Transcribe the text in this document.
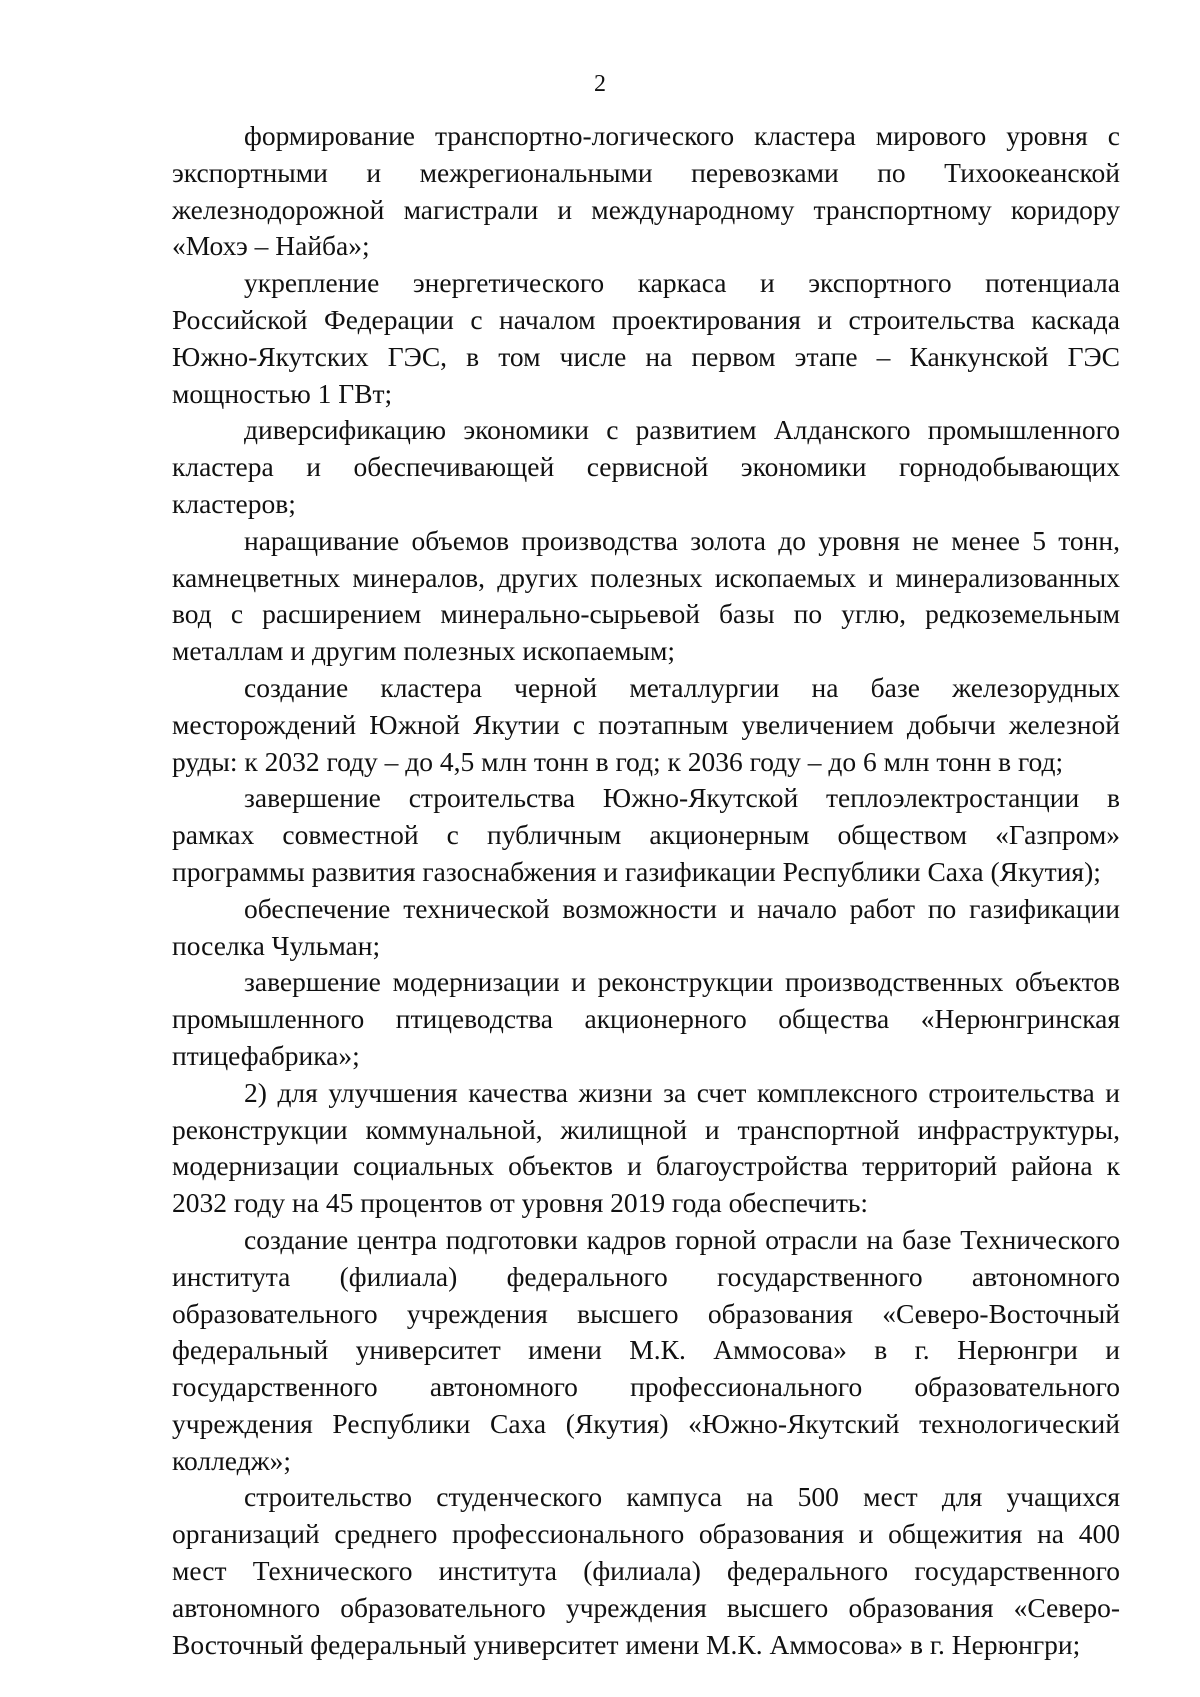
2

формирование транспортно-логического кластера мирового уровня с экспортными и межрегиональными перевозками по Тихоокеанской железнодорожной магистрали и международному транспортному коридору «Мохэ – Найба»;

укрепление энергетического каркаса и экспортного потенциала Российской Федерации с началом проектирования и строительства каскада Южно-Якутских ГЭС, в том числе на первом этапе – Канкунской ГЭС мощностью 1 ГВт;

диверсификацию экономики с развитием Алданского промышленного кластера и обеспечивающей сервисной экономики горнодобывающих кластеров;

наращивание объемов производства золота до уровня не менее 5 тонн, камнецветных минералов, других полезных ископаемых и минерализованных вод с расширением минерально-сырьевой базы по углю, редкоземельным металлам и другим полезных ископаемым;

создание кластера черной металлургии на базе железорудных месторождений Южной Якутии с поэтапным увеличением добычи железной руды: к 2032 году – до 4,5 млн тонн в год; к 2036 году – до 6 млн тонн в год;

завершение строительства Южно-Якутской теплоэлектростанции в рамках совместной с публичным акционерным обществом «Газпром» программы развития газоснабжения и газификации Республики Саха (Якутия);

обеспечение технической возможности и начало работ по газификации поселка Чульман;

завершение модернизации и реконструкции производственных объектов промышленного птицеводства акционерного общества «Нерюнгринская птицефабрика»;

2) для улучшения качества жизни за счет комплексного строительства и реконструкции коммунальной, жилищной и транспортной инфраструктуры, модернизации социальных объектов и благоустройства территорий района к 2032 году на 45 процентов от уровня 2019 года обеспечить:

создание центра подготовки кадров горной отрасли на базе Технического института (филиала) федерального государственного автономного образовательного учреждения высшего образования «Северо-Восточный федеральный университет имени М.К. Аммосова» в г. Нерюнгри и государственного автономного профессионального образовательного учреждения Республики Саха (Якутия) «Южно-Якутский технологический колледж»;

строительство студенческого кампуса на 500 мест для учащихся организаций среднего профессионального образования и общежития на 400 мест Технического института (филиала) федерального государственного автономного образовательного учреждения высшего образования «Северо-Восточный федеральный университет имени М.К. Аммосова» в г. Нерюнгри;
